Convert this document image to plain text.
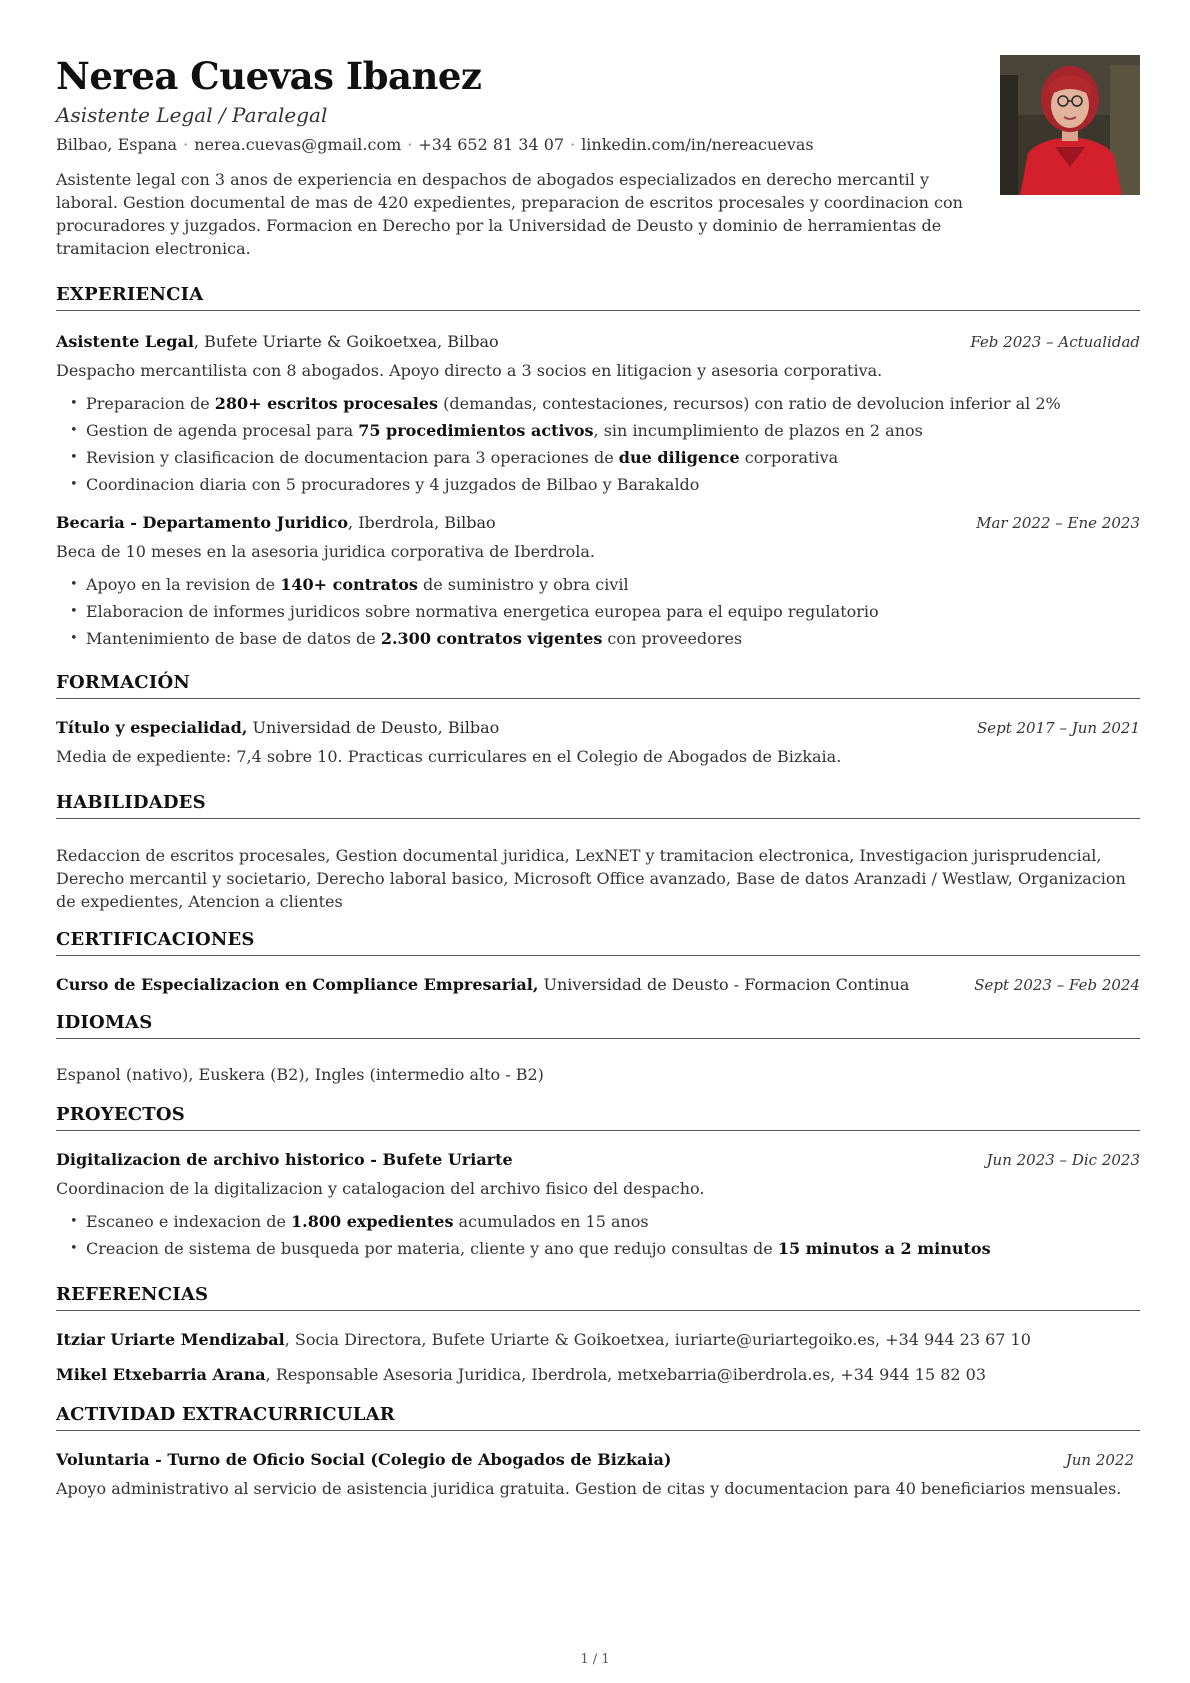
Nerea Cuevas Ibanez
Asistente Legal / Paralegal
Bilbao, Espana · nerea.cuevas@gmail.com · +34 652 81 34 07 · linkedin.com/in/nereacuevas
Asistente legal con 3 anos de experiencia en despachos de abogados especializados en derecho mercantil y laboral. Gestion documental de mas de 420 expedientes, preparacion de escritos procesales y coordinacion con procuradores y juzgados. Formacion en Derecho por la Universidad de Deusto y dominio de herramientas de tramitacion electronica.
EXPERIENCIA
Asistente Legal, Bufete Uriarte & Goikoetxea, Bilbao	Feb 2023 – Actualidad
Despacho mercantilista con 8 abogados. Apoyo directo a 3 socios en litigacion y asesoria corporativa.
• Preparacion de 280+ escritos procesales (demandas, contestaciones, recursos) con ratio de devolucion inferior al 2%
• Gestion de agenda procesal para 75 procedimientos activos, sin incumplimiento de plazos en 2 anos
• Revision y clasificacion de documentacion para 3 operaciones de due diligence corporativa
• Coordinacion diaria con 5 procuradores y 4 juzgados de Bilbao y Barakaldo
Becaria - Departamento Juridico, Iberdrola, Bilbao	Mar 2022 – Ene 2023
Beca de 10 meses en la asesoria juridica corporativa de Iberdrola.
• Apoyo en la revision de 140+ contratos de suministro y obra civil
• Elaboracion de informes juridicos sobre normativa energetica europea para el equipo regulatorio
• Mantenimiento de base de datos de 2.300 contratos vigentes con proveedores
FORMACIÓN
Título y especialidad, Universidad de Deusto, Bilbao	Sept 2017 – Jun 2021
Media de expediente: 7,4 sobre 10. Practicas curriculares en el Colegio de Abogados de Bizkaia.
HABILIDADES
Redaccion de escritos procesales, Gestion documental juridica, LexNET y tramitacion electronica, Investigacion jurisprudencial, Derecho mercantil y societario, Derecho laboral basico, Microsoft Office avanzado, Base de datos Aranzadi / Westlaw, Organizacion de expedientes, Atencion a clientes
CERTIFICACIONES
Curso de Especializacion en Compliance Empresarial, Universidad de Deusto - Formacion Continua	Sept 2023 – Feb 2024
IDIOMAS
Espanol (nativo), Euskera (B2), Ingles (intermedio alto - B2)
PROYECTOS
Digitalizacion de archivo historico - Bufete Uriarte	Jun 2023 – Dic 2023
Coordinacion de la digitalizacion y catalogacion del archivo fisico del despacho.
• Escaneo e indexacion de 1.800 expedientes acumulados en 15 anos
• Creacion de sistema de busqueda por materia, cliente y ano que redujo consultas de 15 minutos a 2 minutos
REFERENCIAS
Itziar Uriarte Mendizabal, Socia Directora, Bufete Uriarte & Goikoetxea, iuriarte@uriartegoiko.es, +34 944 23 67 10
Mikel Etxebarria Arana, Responsable Asesoria Juridica, Iberdrola, metxebarria@iberdrola.es, +34 944 15 82 03
ACTIVIDAD EXTRACURRICULAR
Voluntaria - Turno de Oficio Social (Colegio de Abogados de Bizkaia)	Jun 2022
Apoyo administrativo al servicio de asistencia juridica gratuita. Gestion de citas y documentacion para 40 beneficiarios mensuales.
1 / 1
